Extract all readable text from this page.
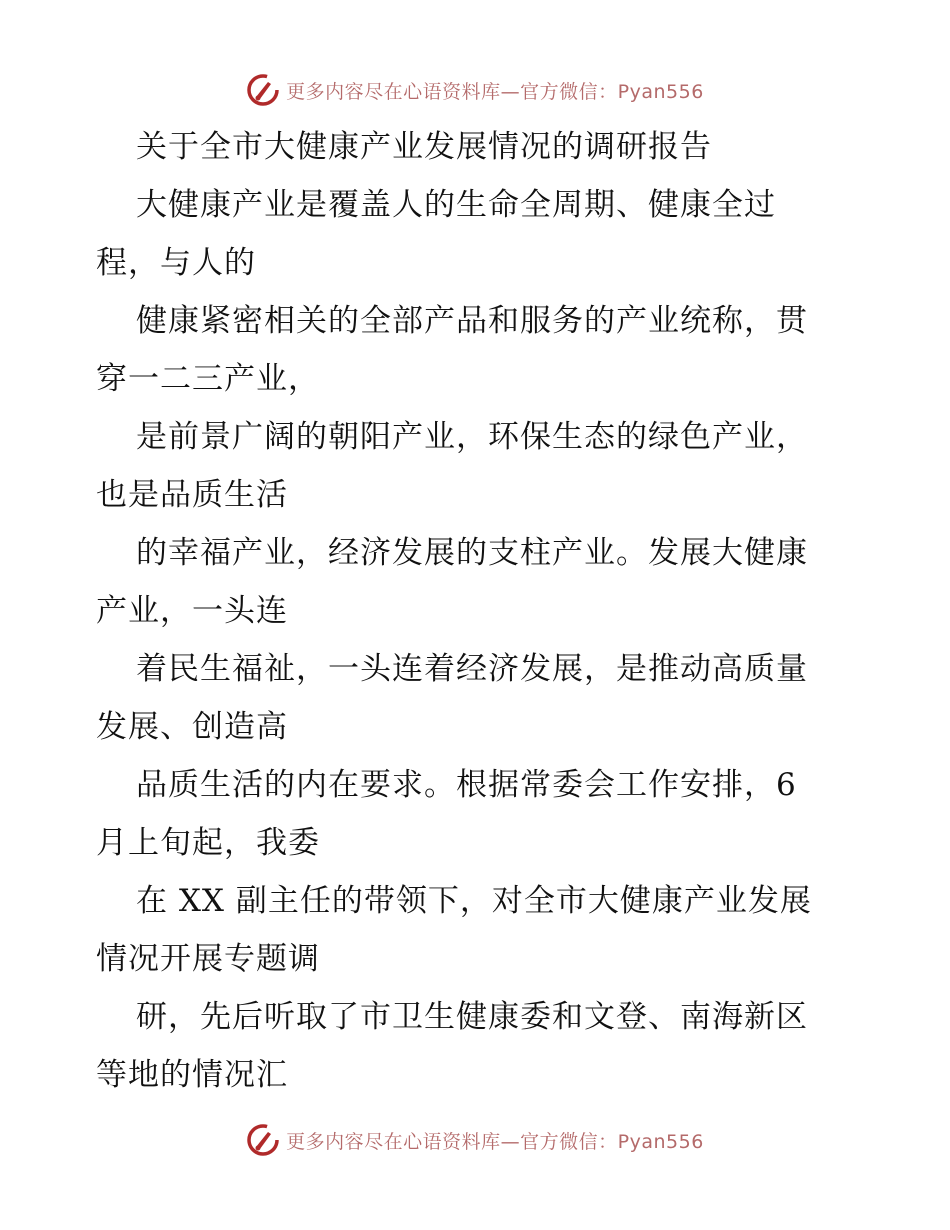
更多内容尽在心语资料库—官方微信：Pyan556
关于全市大健康产业发展情况的调研报告
大健康产业是覆盖人的生命全周期、健康全过
程，与人的
健康紧密相关的全部产品和服务的产业统称，贯
穿一二三产业，
是前景广阔的朝阳产业，环保生态的绿色产业，
也是品质生活
的幸福产业，经济发展的支柱产业。发展大健康
产业，一头连
着民生福祉，一头连着经济发展，是推动高质量
发展、创造高
品质生活的内在要求。根据常委会工作安排，6
月上旬起，我委
在 XX 副主任的带领下，对全市大健康产业发展
情况开展专题调
研，先后听取了市卫生健康委和文登、南海新区
等地的情况汇
更多内容尽在心语资料库—官方微信：Pyan556
